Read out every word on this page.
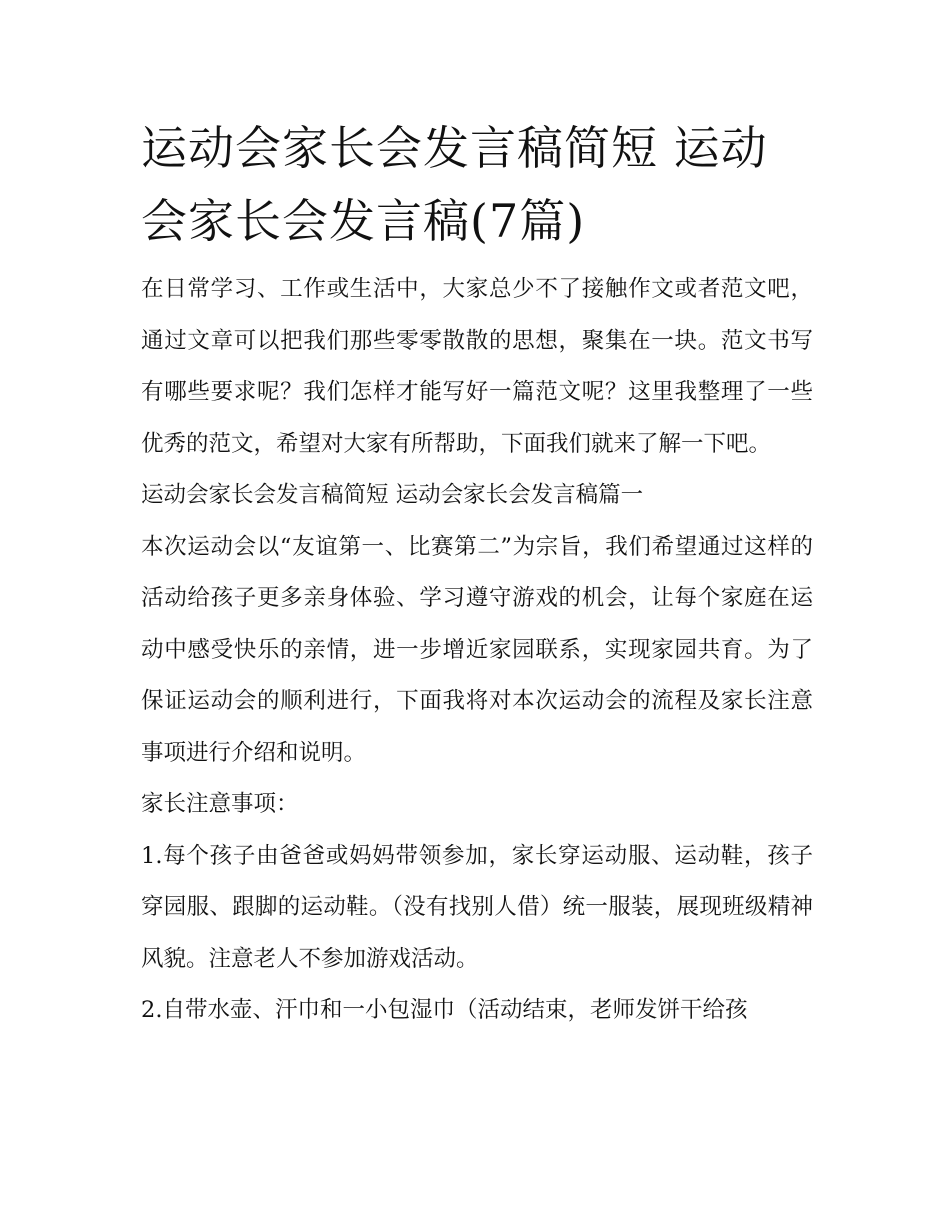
运动会家长会发言稿简短 运动会家长会发言稿(7篇)

在日常学习、工作或生活中，大家总少不了接触作文或者范文吧，通过文章可以把我们那些零零散散的思想，聚集在一块。范文书写有哪些要求呢？我们怎样才能写好一篇范文呢？这里我整理了一些优秀的范文，希望对大家有所帮助，下面我们就来了解一下吧。

运动会家长会发言稿简短 运动会家长会发言稿篇一

本次运动会以“友谊第一、比赛第二”为宗旨，我们希望通过这样的活动给孩子更多亲身体验、学习遵守游戏的机会，让每个家庭在运动中感受快乐的亲情，进一步增近家园联系，实现家园共育。为了保证运动会的顺利进行，下面我将对本次运动会的流程及家长注意事项进行介绍和说明。

家长注意事项：

1.每个孩子由爸爸或妈妈带领参加，家长穿运动服、运动鞋，孩子穿园服、跟脚的运动鞋。（没有找别人借）统一服装，展现班级精神风貌。注意老人不参加游戏活动。

2.自带水壶、汗巾和一小包湿巾（活动结束，老师发饼干给孩
